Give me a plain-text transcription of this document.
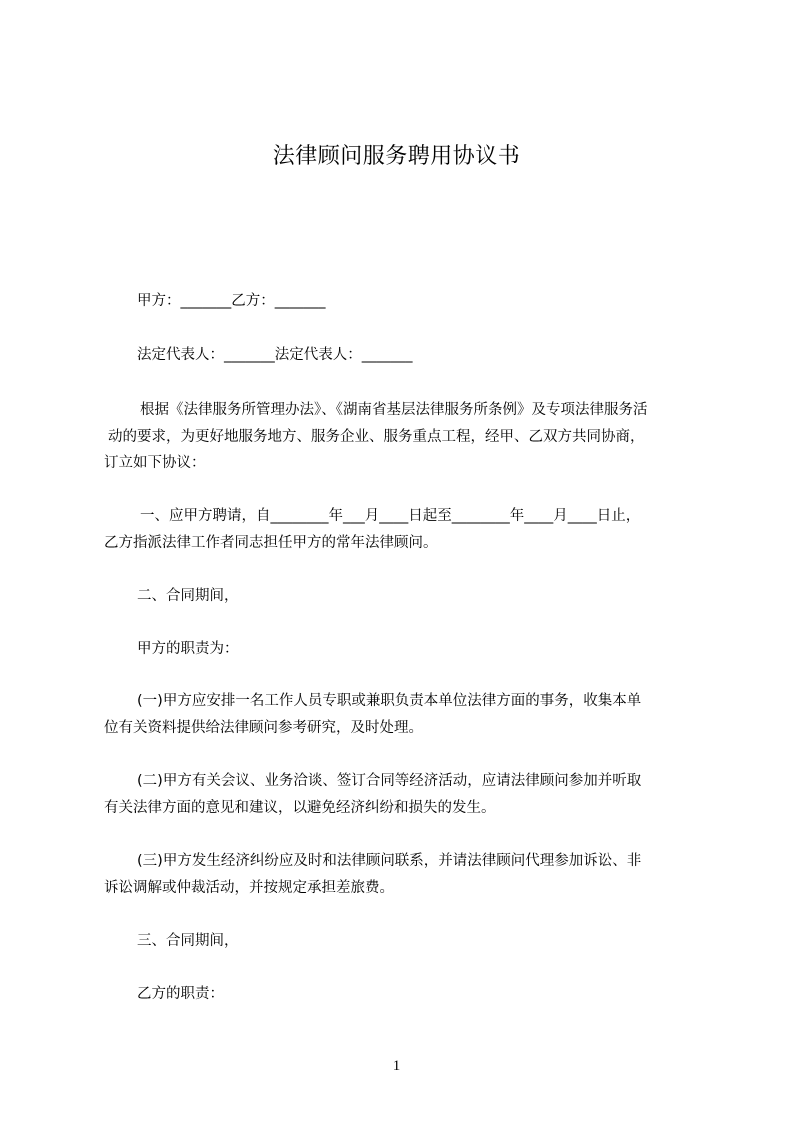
法律顾问服务聘用协议书
甲方：_______乙方：_______
法定代表人：_______法定代表人：_______
根据《法律服务所管理办法》、《湖南省基层法律服务所条例》及专项法律服务活
动的要求，为更好地服务地方、服务企业、服务重点工程，经甲、乙双方共同协商，
订立如下协议：
一、应甲方聘请，自________年___月____日起至________年____月____日止，
乙方指派法律工作者同志担任甲方的常年法律顾问。
二、合同期间，
甲方的职责为：
(一)甲方应安排一名工作人员专职或兼职负责本单位法律方面的事务，收集本单
位有关资料提供给法律顾问参考研究，及时处理。
(二)甲方有关会议、业务洽谈、签订合同等经济活动，应请法律顾问参加并听取
有关法律方面的意见和建议，以避免经济纠纷和损失的发生。
(三)甲方发生经济纠纷应及时和法律顾问联系，并请法律顾问代理参加诉讼、非
诉讼调解或仲裁活动，并按规定承担差旅费。
三、合同期间，
乙方的职责：
1
